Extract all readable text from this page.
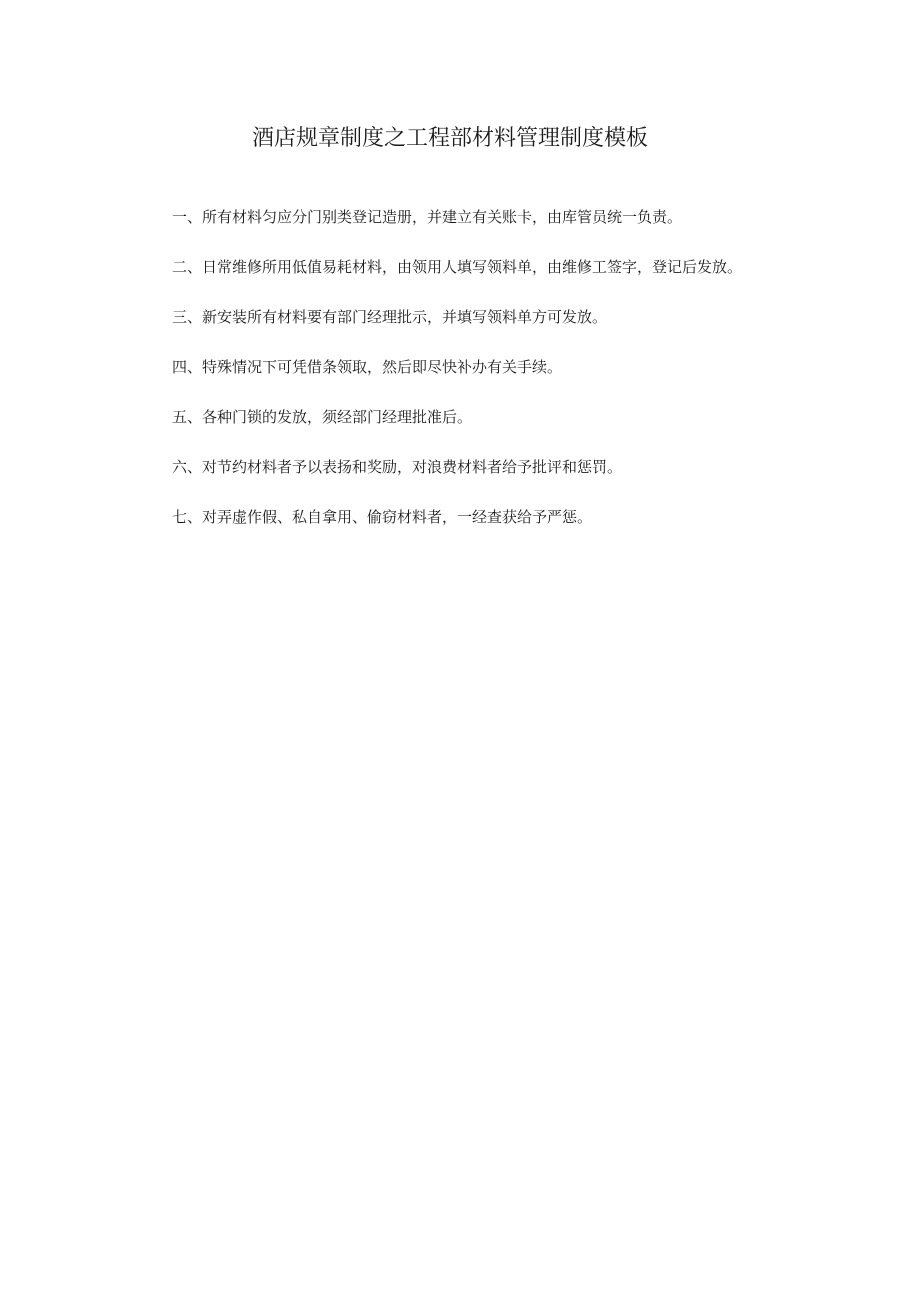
酒店规章制度之工程部材料管理制度模板

一、所有材料匀应分门别类登记造册，并建立有关账卡，由库管员统一负责。

二、日常维修所用低值易耗材料，由领用人填写领料单，由维修工签字，登记后发放。

三、新安装所有材料要有部门经理批示，并填写领料单方可发放。

四、特殊情况下可凭借条领取，然后即尽快补办有关手续。

五、各种门锁的发放，须经部门经理批准后。

六、对节约材料者予以表扬和奖励，对浪费材料者给予批评和惩罚。

七、对弄虚作假、私自拿用、偷窃材料者，一经查获给予严惩。
